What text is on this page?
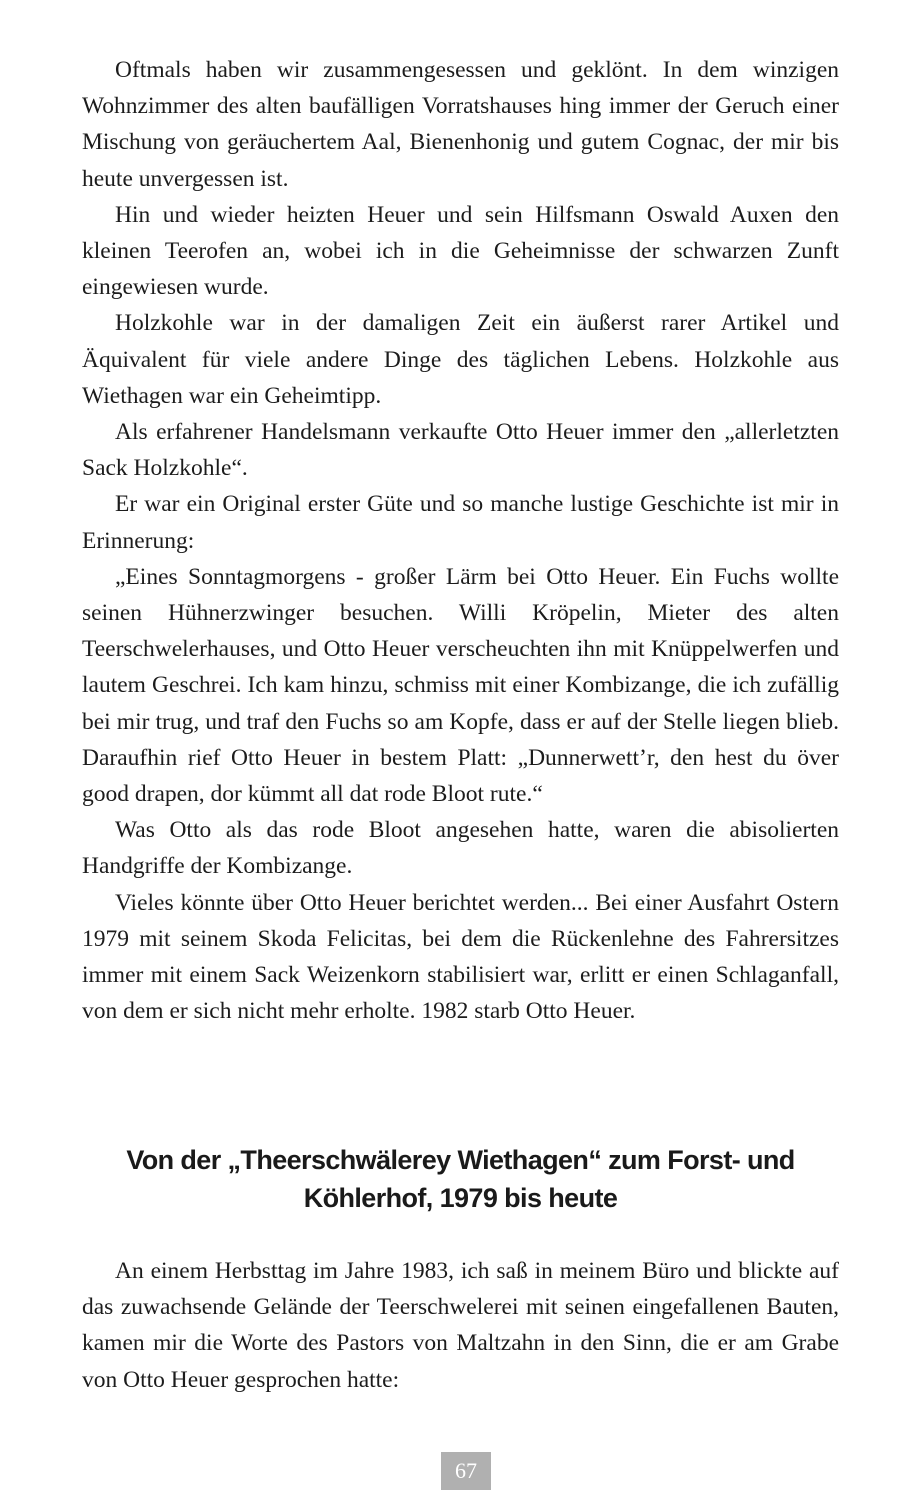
Oftmals haben wir zusammengesessen und geklönt. In dem winzigen Wohnzimmer des alten baufälligen Vorratshauses hing immer der Geruch einer Mischung von geräuchertem Aal, Bienenhonig und gutem Cognac, der mir bis heute unvergessen ist.

Hin und wieder heizten Heuer und sein Hilfsmann Oswald Auxen den kleinen Teerofen an, wobei ich in die Geheimnisse der schwarzen Zunft eingewiesen wurde.

Holzkohle war in der damaligen Zeit ein äußerst rarer Artikel und Äquivalent für viele andere Dinge des täglichen Lebens. Holzkohle aus Wiethagen war ein Geheimtipp.

Als erfahrener Handelsmann verkaufte Otto Heuer immer den „allerletzten Sack Holzkohle“.

Er war ein Original erster Güte und so manche lustige Geschichte ist mir in Erinnerung:

„Eines Sonntagmorgens - großer Lärm bei Otto Heuer. Ein Fuchs wollte seinen Hühnerzwinger besuchen. Willi Kröpelin, Mieter des alten Teerschwelerhauses, und Otto Heuer verscheuchten ihn mit Knüppelwerfen und lautem Geschrei. Ich kam hinzu, schmiss mit einer Kombizange, die ich zufällig bei mir trug, und traf den Fuchs so am Kopfe, dass er auf der Stelle liegen blieb. Daraufhin rief Otto Heuer in bestem Platt: „Dunnerwett’r, den hest du över good drapen, dor kümmt all dat rode Bloot rute.“

Was Otto als das rode Bloot angesehen hatte, waren die abisolierten Handgriffe der Kombizange.

Vieles könnte über Otto Heuer berichtet werden... Bei einer Ausfahrt Ostern 1979 mit seinem Skoda Felicitas, bei dem die Rückenlehne des Fahrersitzes immer mit einem Sack Weizenkorn stabilisiert war, erlitt er einen Schlaganfall, von dem er sich nicht mehr erholte. 1982 starb Otto Heuer.

Von der „Theerschwälerey Wiethagen“ zum Forst- und
Köhlerhof, 1979 bis heute

An einem Herbsttag im Jahre 1983, ich saß in meinem Büro und blickte auf das zuwachsende Gelände der Teerschwelerei mit seinen eingefallenen Bauten, kamen mir die Worte des Pastors von Maltzahn in den Sinn, die er am Grabe von Otto Heuer gesprochen hatte:

67
